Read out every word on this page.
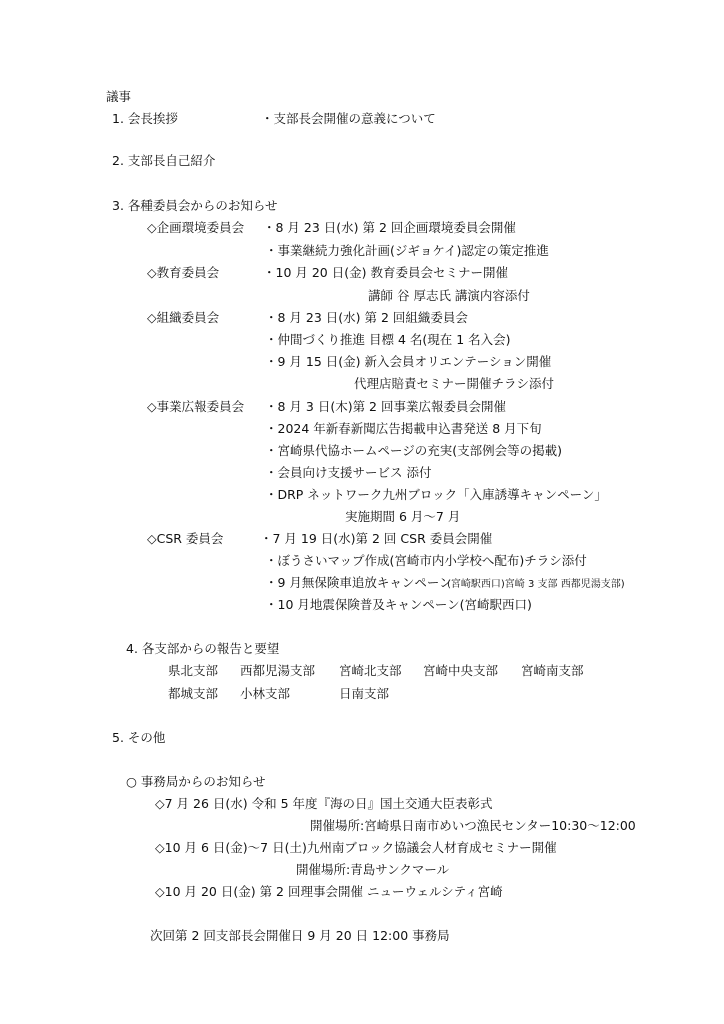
議事
1. 会長挨拶	・支部長会開催の意義について
2. 支部長自己紹介
3. 各種委員会からのお知らせ
◇企画環境委員会 ・8 月 23 日(水) 第 2 回企画環境委員会開催
・事業継続力強化計画(ジギョケイ)認定の策定推進
◇教育委員会	・10 月 20 日(金) 教育委員会セミナー開催
講師 谷 厚志氏 講演内容添付
◇組織委員会	・8 月 23 日(水) 第 2 回組織委員会
・仲間づくり推進 目標 4 名(現在 1 名入会)
・9 月 15 日(金) 新入会員オリエンテーション開催
代理店賠責セミナー開催チラシ添付
◇事業広報委員会 ・8 月 3 日(木)第 2 回事業広報委員会開催
・2024 年新春新聞広告掲載申込書発送 8 月下旬
・宮崎県代協ホームページの充実(支部例会等の掲載)
・会員向け支援サービス 添付
・DRP ネットワーク九州ブロック「入庫誘導キャンペーン」
実施期間 6 月～7 月
◇CSR 委員会	・7 月 19 日(水)第 2 回 CSR 委員会開催
・ぼうさいマップ作成(宮崎市内小学校へ配布)チラシ添付
・9 月無保険車追放キャンペーン
(宮崎駅西口)宮崎 3 支部 西都児湯支部)
・10 月地震保険普及キャンペーン(宮崎駅西口)
4. 各支部からの報告と要望
県北支部 西都児湯支部 宮崎北支部 宮崎中央支部 宮崎南支部
都城支部 小林支部	日南支部
5. その他
○ 事務局からのお知らせ
◇7 月 26 日(水) 令和 5 年度『海の日』国土交通大臣表彰式
開催場所:宮崎県日南市めいつ漁民センター10:30～12:00
◇10 月 6 日(金)～7 日(土)九州南ブロック協議会人材育成セミナー開催
開催場所:青島サンクマール
◇10 月 20 日(金) 第 2 回理事会開催 ニューウェルシティ宮崎
次回第 2 回支部長会開催日 9 月 20 日 12:00 事務局
